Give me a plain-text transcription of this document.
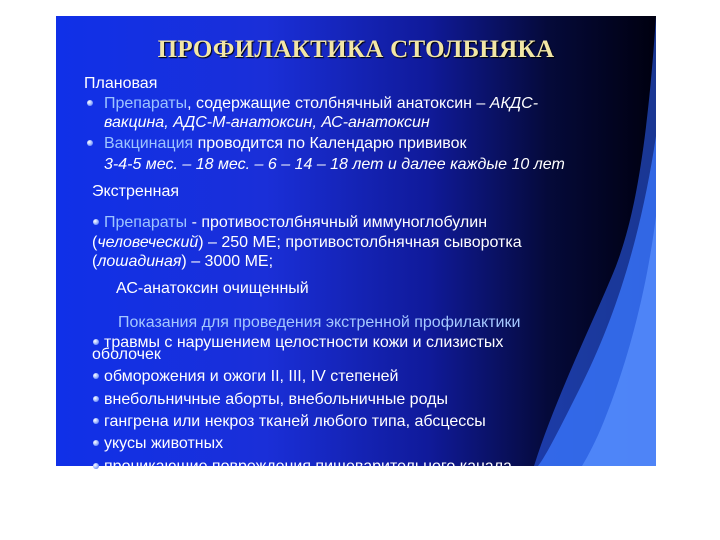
ПРОФИЛАКТИКА СТОЛБНЯКА
Плановая
Препараты, содержащие столбнячный анатоксин – АКДС-
вакцина, АДС-М-анатоксин, АС-анатоксин
Вакцинация проводится по Календарю прививок
3-4-5 мес. – 18 мес. – 6 – 14 – 18 лет и далее каждые 10 лет
Экстренная
Препараты - противостолбнячный иммуноглобулин
(человеческий) – 250 МЕ; противостолбнячная сыворотка
(лошадиная) – 3000 МЕ;
АС-анатоксин очищенный
Показания для проведения экстренной профилактики
травмы с нарушением целостности кожи и слизистых
оболочек
обморожения и ожоги II, III, IV степеней
внебольничные аборты, внебольничные роды
гангрена или некроз тканей любого типа, абсцессы
укусы животных
проникающие повреждения пищеварительного канала
